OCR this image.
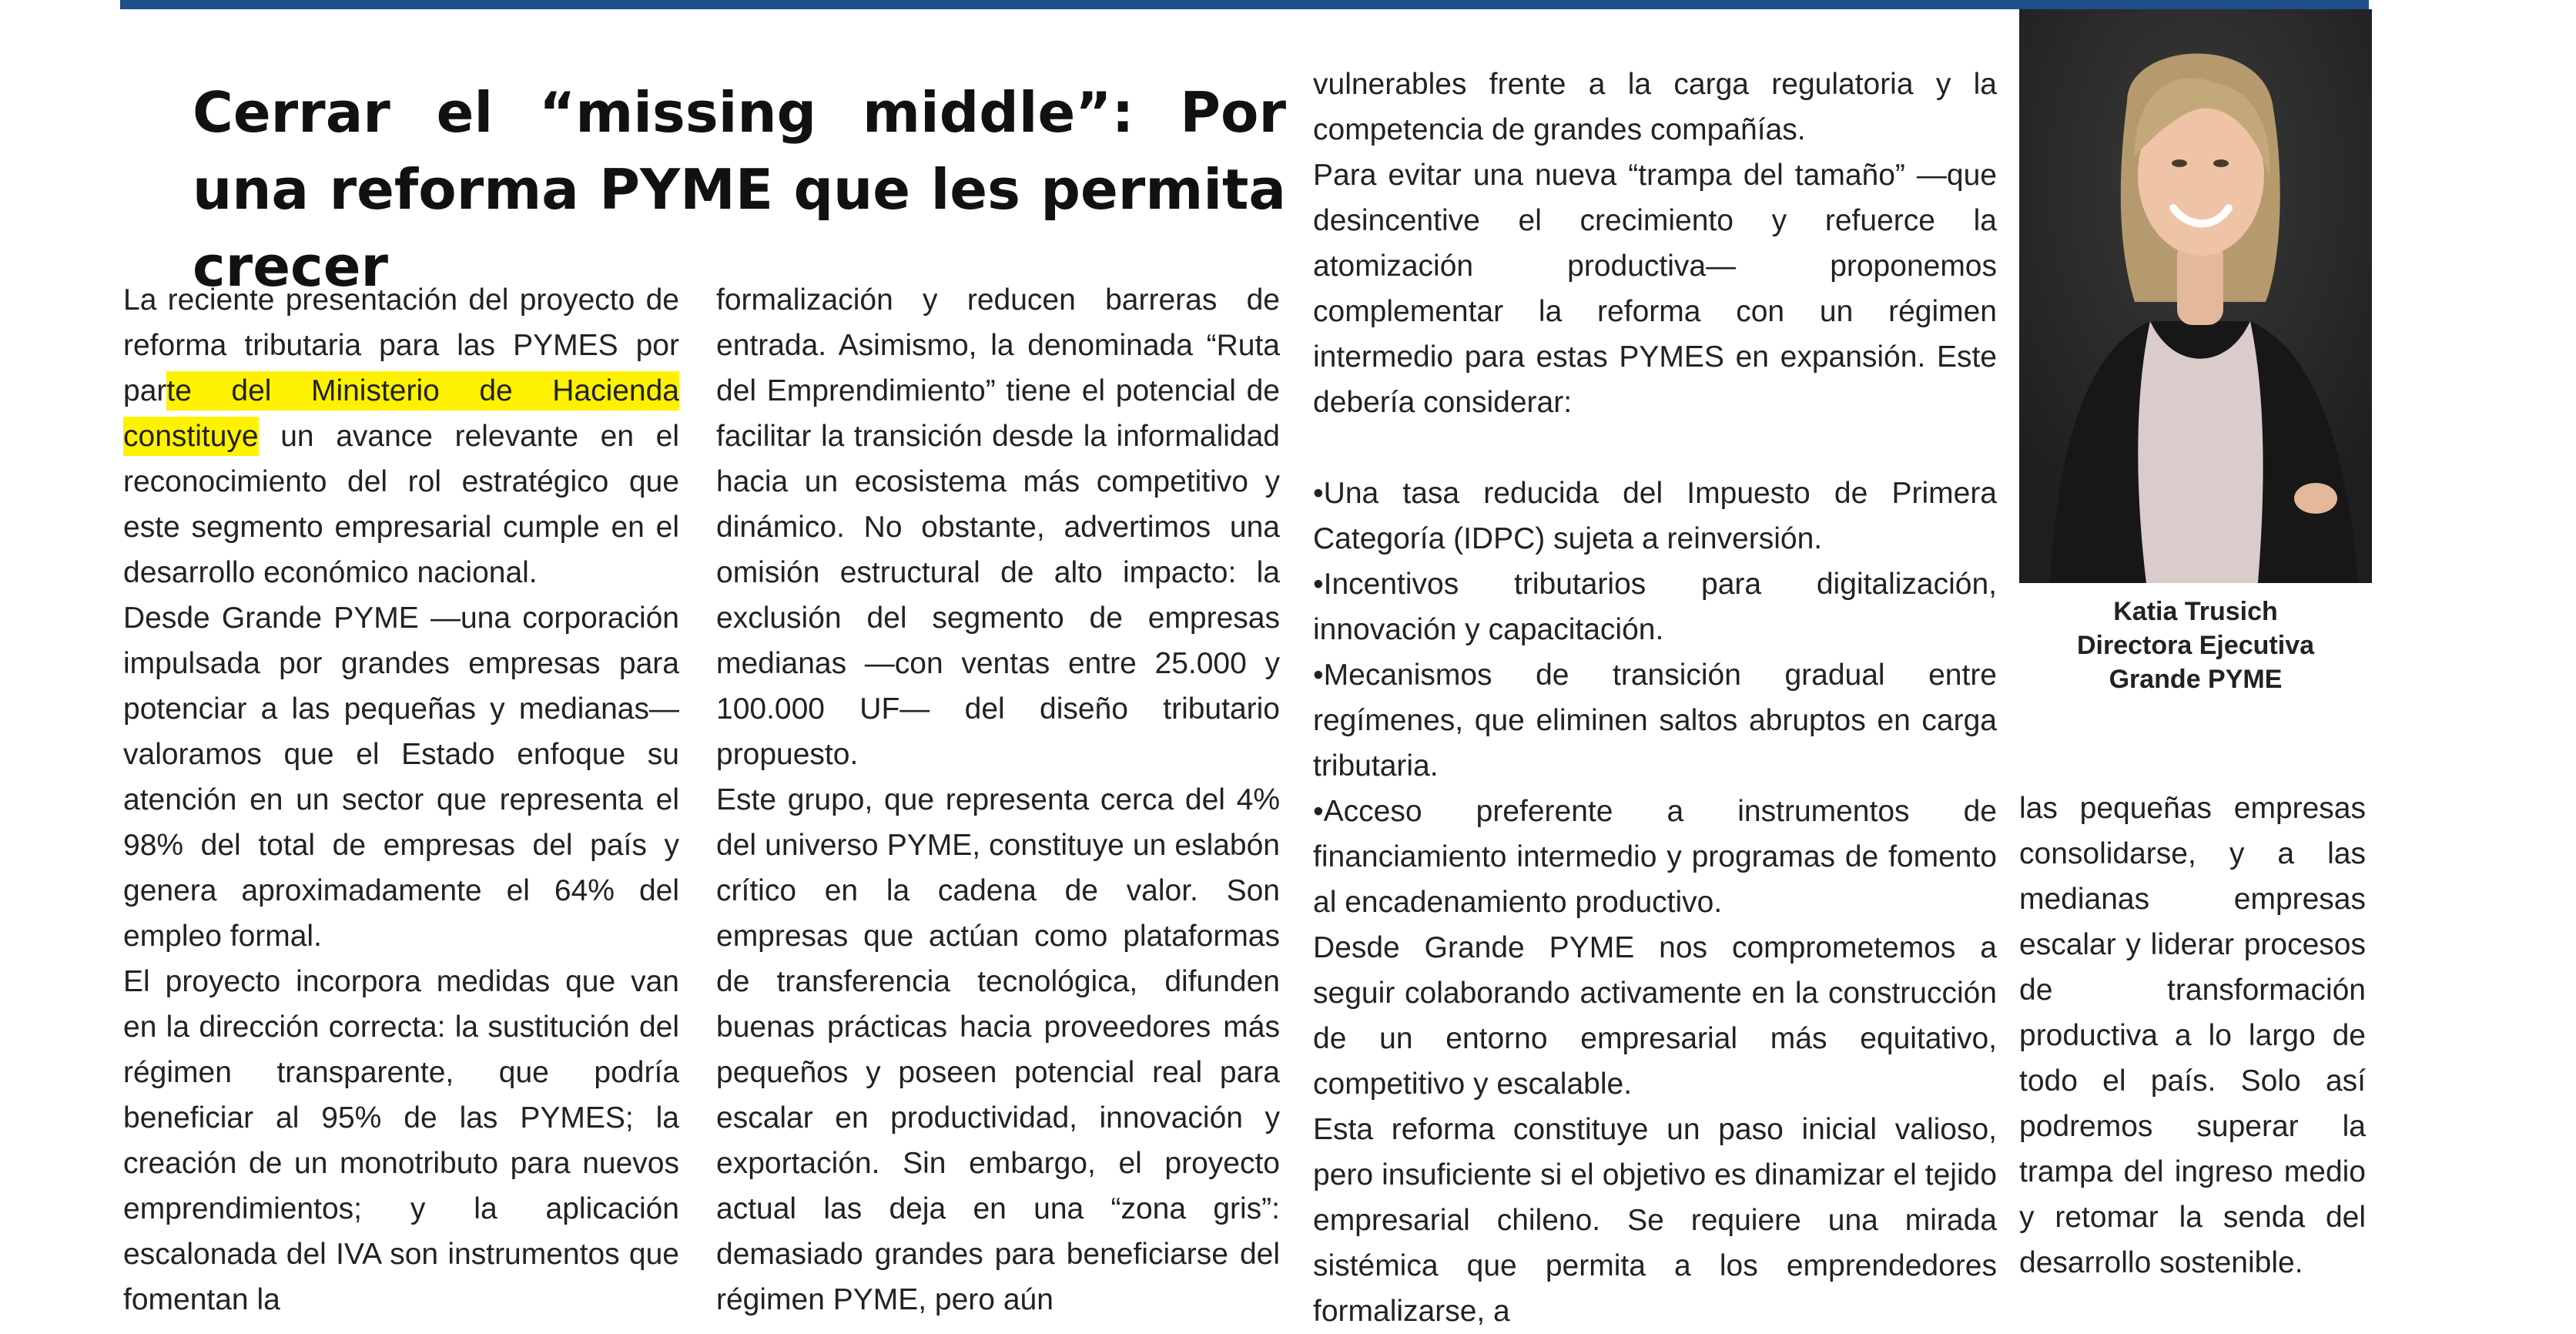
Cerrar el “missing middle”: Por una reforma PYME que les permita crecer

La reciente presentación del proyecto de reforma tributaria para las PYMES por parte del Ministerio de Hacienda constituye un avance relevante en el reconocimiento del rol estratégico que este segmento empresarial cumple en el desarrollo económico nacional.

Desde Grande PYME —una corporación impulsada por grandes empresas para potenciar a las pequeñas y medianas— valoramos que el Estado enfoque su atención en un sector que representa el 98% del total de empresas del país y genera aproximadamente el 64% del empleo formal.

El proyecto incorpora medidas que van en la dirección correcta: la sustitución del régimen transparente, que podría beneficiar al 95% de las PYMES; la creación de un monotributo para nuevos emprendimientos; y la aplicación escalonada del IVA son instrumentos que fomentan la

formalización y reducen barreras de entrada. Asimismo, la denominada “Ruta del Emprendimiento” tiene el potencial de facilitar la transición desde la informalidad hacia un ecosistema más competitivo y dinámico. No obstante, advertimos una omisión estructural de alto impacto: la exclusión del segmento de empresas medianas —con ventas entre 25.000 y 100.000 UF— del diseño tributario propuesto.

Este grupo, que representa cerca del 4% del universo PYME, constituye un eslabón crítico en la cadena de valor. Son empresas que actúan como plataformas de transferencia tecnológica, difunden buenas prácticas hacia proveedores más pequeños y poseen potencial real para escalar en productividad, innovación y exportación. Sin embargo, el proyecto actual las deja en una “zona gris”: demasiado grandes para beneficiarse del régimen PYME, pero aún

vulnerables frente a la carga regulatoria y la competencia de grandes compañías.

Para evitar una nueva “trampa del tamaño” —que desincentive el crecimiento y refuerce la atomización productiva— proponemos complementar la reforma con un régimen intermedio para estas PYMES en expansión. Este debería considerar:

•Una tasa reducida del Impuesto de Primera Categoría (IDPC) sujeta a reinversión.

•Incentivos tributarios para digitalización, innovación y capacitación.

•Mecanismos de transición gradual entre regímenes, que eliminen saltos abruptos en carga tributaria.

•Acceso preferente a instrumentos de financiamiento intermedio y programas de fomento al encadenamiento productivo.

Desde Grande PYME nos comprometemos a seguir colaborando activamente en la construcción de un entorno empresarial más equitativo, competitivo y escalable.

Esta reforma constituye un paso inicial valioso, pero insuficiente si el objetivo es dinamizar el tejido empresarial chileno. Se requiere una mirada sistémica que permita a los emprendedores formalizarse, a

las pequeñas empresas consolidarse, y a las medianas empresas escalar y liderar procesos de transformación productiva a lo largo de todo el país. Solo así podremos superar la trampa del ingreso medio y retomar la senda del desarrollo sostenible.

Katia Trusich
Directora Ejecutiva
Grande PYME
